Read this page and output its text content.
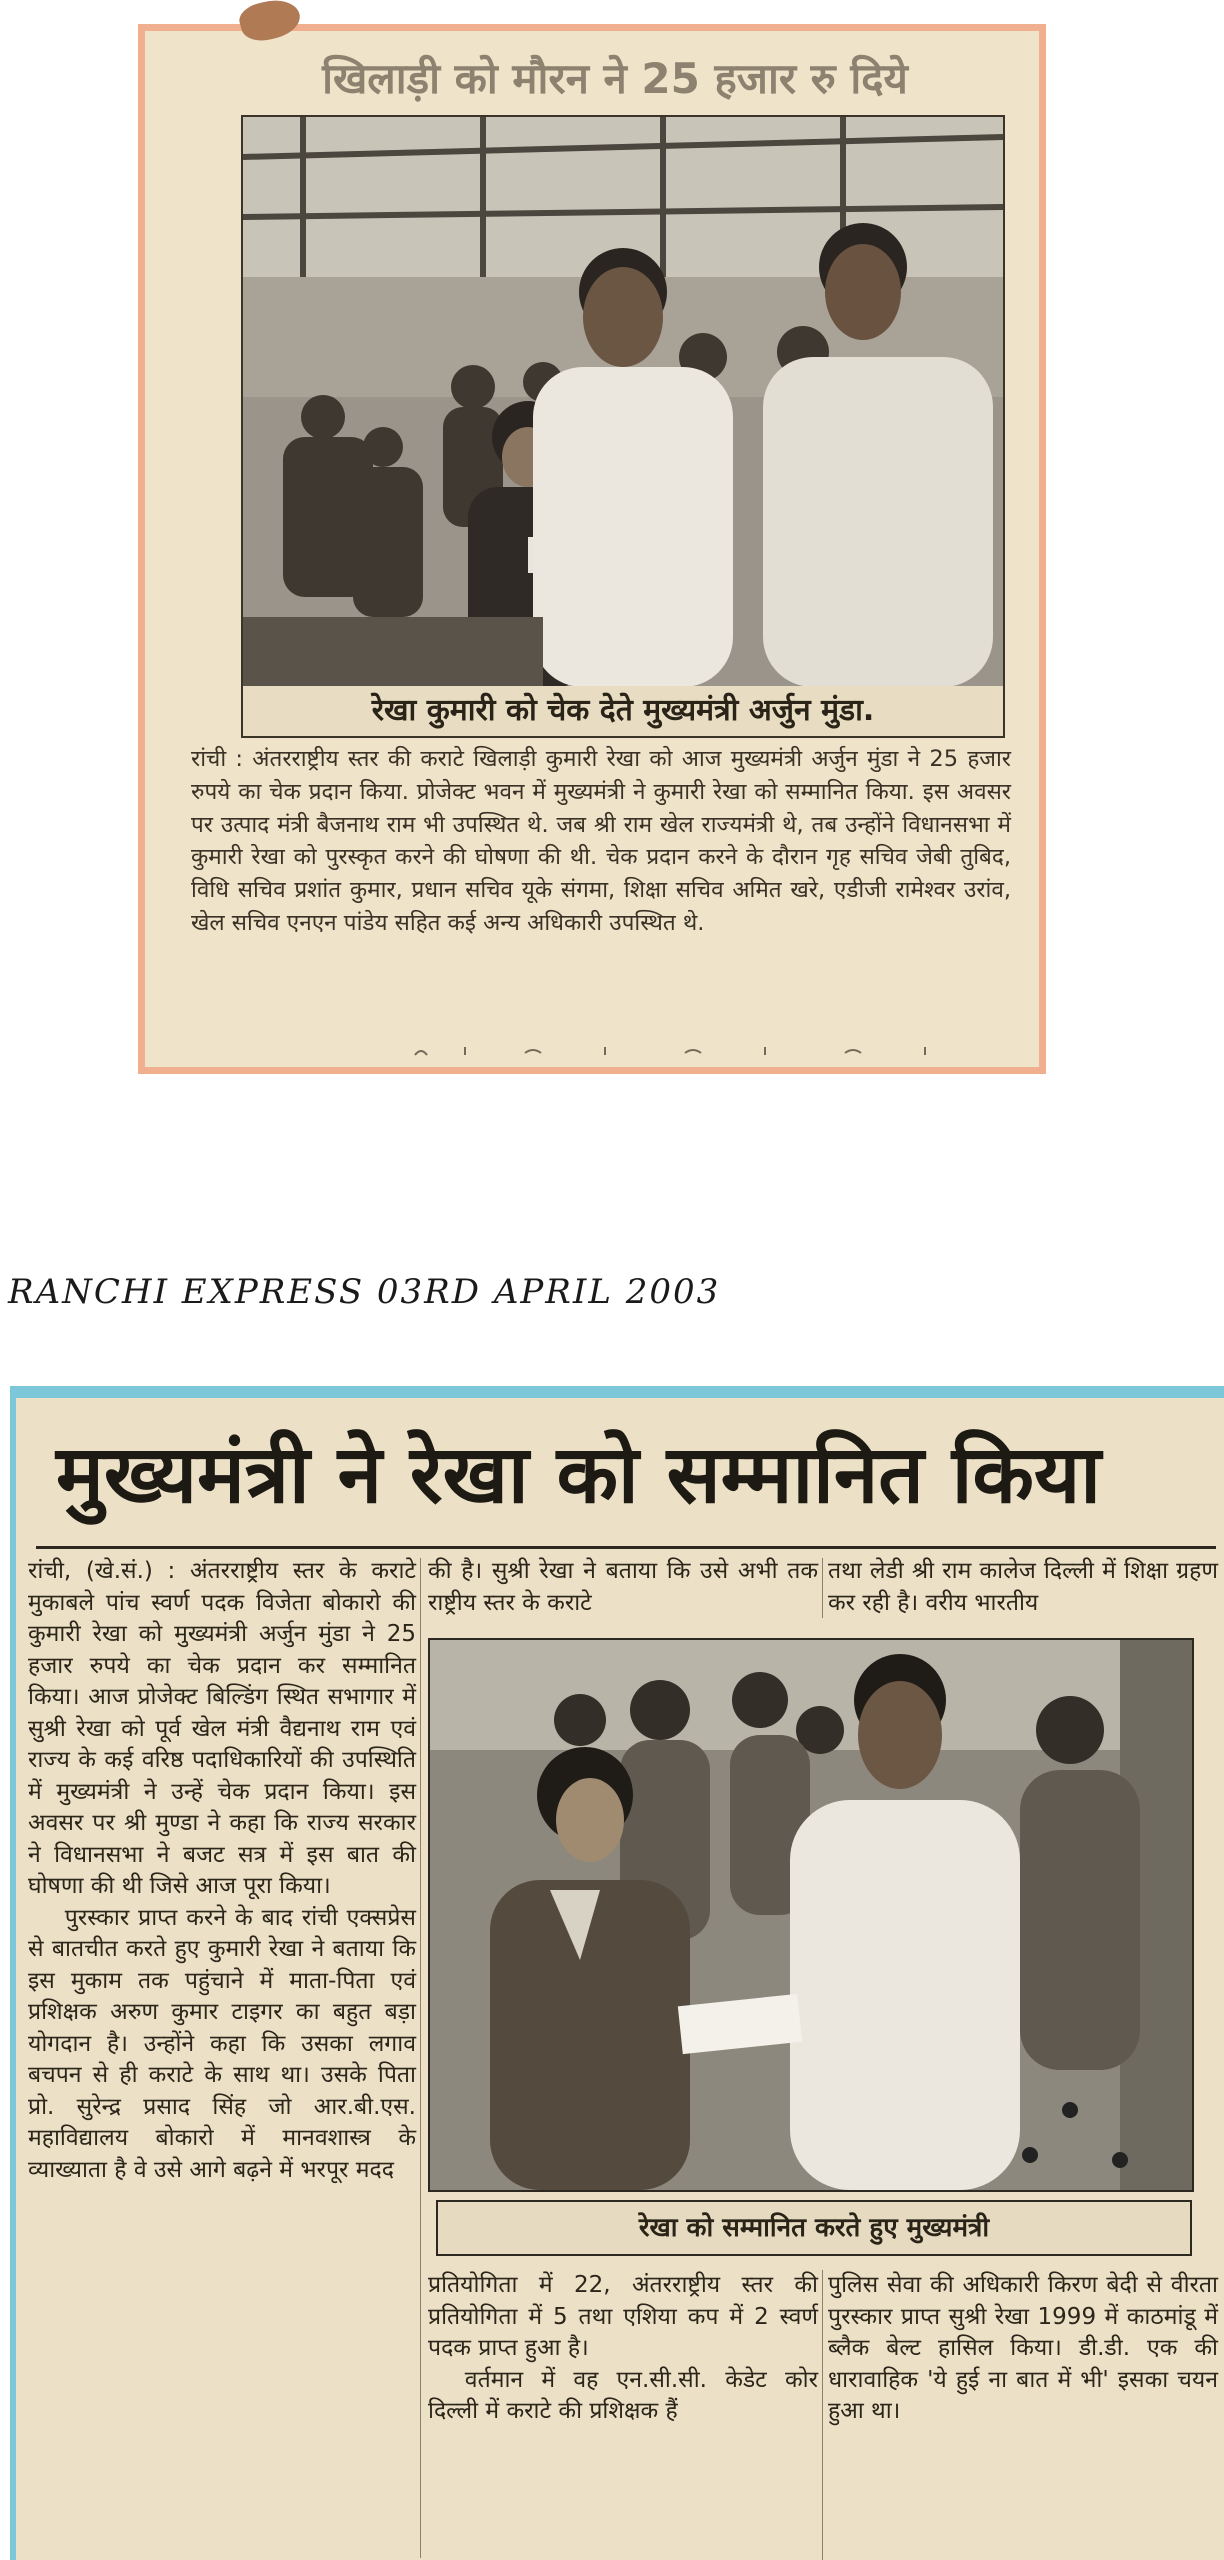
खिलाड़ी को मौरन ने 25 हजार रु दिये
रेखा कुमारी को चेक देते मुख्यमंत्री अर्जुन मुंडा.

रांची : अंतरराष्ट्रीय स्तर की कराटे खिलाड़ी कुमारी रेखा को आज मुख्यमंत्री अर्जुन मुंडा ने 25 हजार रुपये का चेक प्रदान किया. प्रोजेक्ट भवन में मुख्यमंत्री ने कुमारी रेखा को सम्मानित किया. इस अवसर पर उत्पाद मंत्री बैजनाथ राम भी उपस्थित थे. जब श्री राम खेल राज्यमंत्री थे, तब उन्होंने विधानसभा में कुमारी रेखा को पुरस्कृत करने की घोषणा की थी. चेक प्रदान करने के दौरान गृह सचिव जेबी तुबिद, विधि सचिव प्रशांत कुमार, प्रधान सचिव यूके संगमा, शिक्षा सचिव अमित खरे, एडीजी रामेश्वर उरांव, खेल सचिव एनएन पांडेय सहित कई अन्य अधिकारी उपस्थित थे.

RANCHI EXPRESS 03RD APRIL 2003
मुख्यमंत्री ने रेखा को सम्मानित किया

रांची, (खे.सं.) : अंतरराष्ट्रीय स्तर के कराटे मुकाबले पांच स्वर्ण पदक विजेता बोकारो की कुमारी रेखा को मुख्यमंत्री अर्जुन मुंडा ने 25 हजार रुपये का चेक प्रदान कर सम्मानित किया। आज प्रोजेक्ट बिल्डिंग स्थित सभागार में सुश्री रेखा को पूर्व खेल मंत्री वैद्यनाथ राम एवं राज्य के कई वरिष्ठ पदाधिकारियों की उपस्थिति में मुख्यमंत्री ने उन्हें चेक प्रदान किया। इस अवसर पर श्री मुण्डा ने कहा कि राज्य सरकार ने विधानसभा ने बजट सत्र में इस बात की घोषणा की थी जिसे आज पूरा किया।

पुरस्कार प्राप्त करने के बाद रांची एक्सप्रेस से बातचीत करते हुए कुमारी रेखा ने बताया कि इस मुकाम तक पहुंचाने में माता-पिता एवं प्रशिक्षक अरुण कुमार टाइगर का बहुत बड़ा योगदान है। उन्होंने कहा कि उसका लगाव बचपन से ही कराटे के साथ था। उसके पिता प्रो. सुरेन्द्र प्रसाद सिंह जो आर.बी.एस. महाविद्यालय बोकारो में मानवशास्त्र के व्याख्याता है वे उसे आगे बढ़ने में भरपूर मदद

की है। सुश्री रेखा ने बताया कि उसे अभी तक राष्ट्रीय स्तर के कराटे

तथा लेडी श्री राम कालेज दिल्ली में शिक्षा ग्रहण कर रही है। वरीय भारतीय

रेखा को सम्मानित करते हुए मुख्यमंत्री

प्रतियोगिता में 22, अंतरराष्ट्रीय स्तर की प्रतियोगिता में 5 तथा एशिया कप में 2 स्वर्ण पदक प्राप्त हुआ है।

वर्तमान में वह एन.सी.सी. केडेट कोर दिल्ली में कराटे की प्रशिक्षक हैं

पुलिस सेवा की अधिकारी किरण बेदी से वीरता पुरस्कार प्राप्त सुश्री रेखा 1999 में काठमांडू में ब्लैक बेल्ट हासिल किया। डी.डी. एक की धारावाहिक 'ये हुई ना बात में भी' इसका चयन हुआ था।
